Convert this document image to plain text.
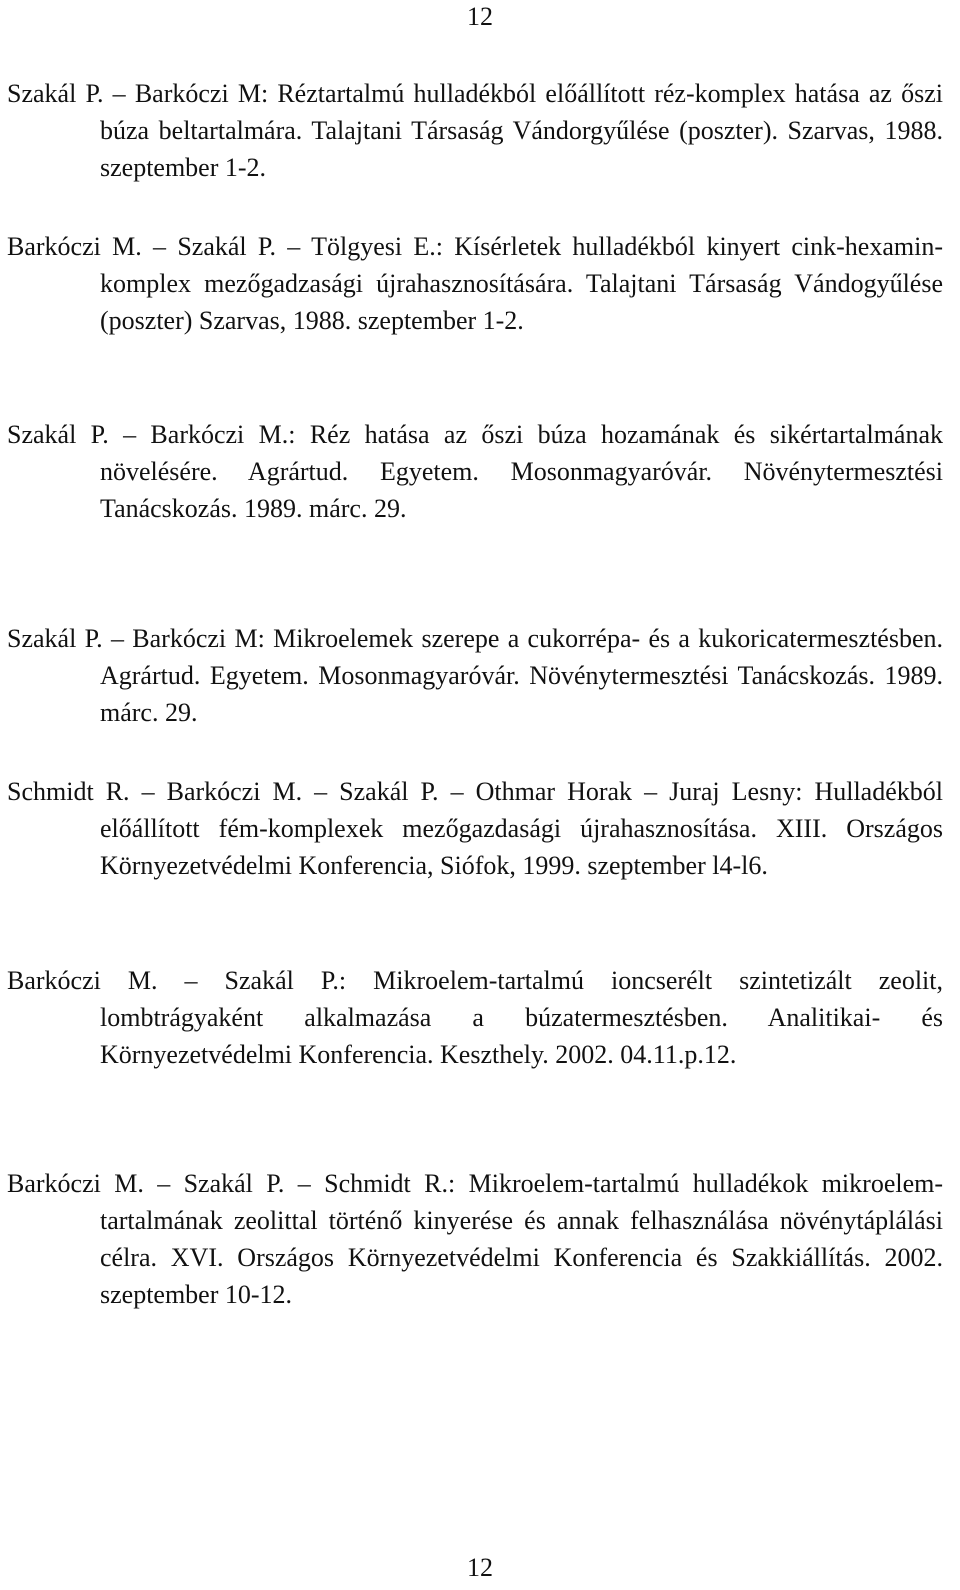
12
Szakál P. – Barkóczi M: Réztartalmú hulladékból előállított réz-komplex hatása az őszi búza beltartalmára. Talajtani Társaság Vándorgyűlése (poszter). Szarvas, 1988. szeptember 1-2.
Barkóczi M. – Szakál P. – Tölgyesi E.: Kísérletek hulladékból kinyert cink-hexamin-komplex mezőgadzasági újrahasznosítására. Talajtani Társaság Vándogyűlése (poszter) Szarvas, 1988. szeptember 1-2.
Szakál P. – Barkóczi M.: Réz hatása az őszi búza hozamának és sikértartalmának növelésére. Agrártud. Egyetem. Mosonmagyaróvár. Növénytermesztési Tanácskozás. 1989. márc. 29.
Szakál P. – Barkóczi M: Mikroelemek szerepe a cukorrépa- és a kukoricatermesztésben. Agrártud. Egyetem. Mosonmagyaróvár. Növénytermesztési Tanácskozás. 1989. márc. 29.
Schmidt R. – Barkóczi M. – Szakál P. – Othmar Horak – Juraj Lesny: Hulladékból előállított fém-komplexek mezőgazdasági újrahasznosítása. XIII. Országos Környezetvédelmi Konferencia, Siófok, 1999. szeptember l4-l6.
Barkóczi M. – Szakál P.: Mikroelem-tartalmú ioncserélt szintetizált zeolit, lombtrágyaként alkalmazása a búzatermesztésben. Analitikai- és Környezetvédelmi Konferencia. Keszthely. 2002. 04.11.p.12.
Barkóczi M. – Szakál P. – Schmidt R.: Mikroelem-tartalmú hulladékok mikroelem-tartalmának zeolittal történő kinyerése és annak felhasználása növénytáplálási célra. XVI. Országos Környezetvédelmi Konferencia és Szakkiállítás. 2002. szeptember 10-12.
12
